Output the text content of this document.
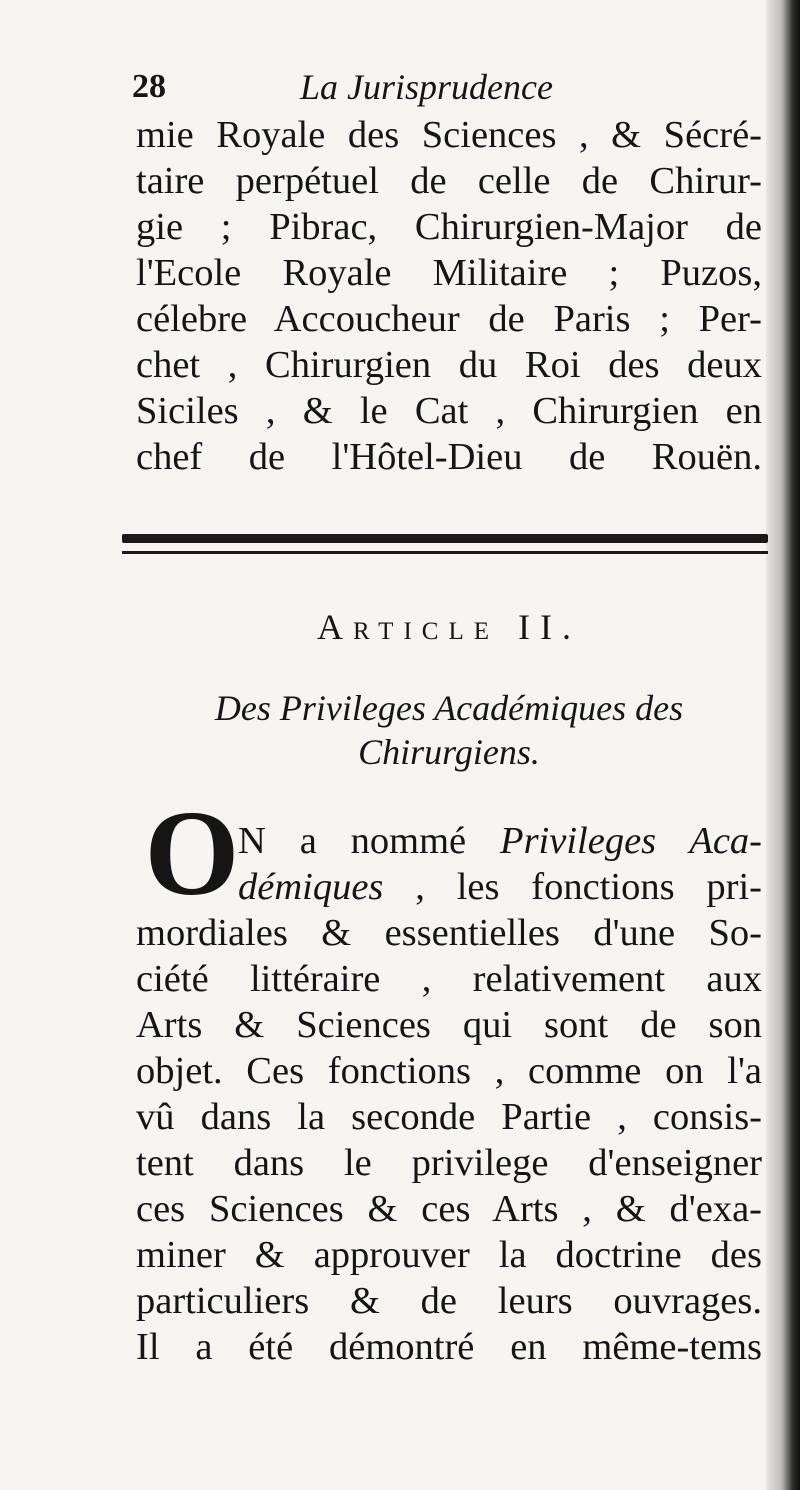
28	La Jurisprudence
mie Royale des Sciences , & Sécré-
taire perpétuel de celle de Chirur-
gie ; Pibrac, Chirurgien-Major de
l'Ecole Royale Militaire ; Puzos,
célebre Accoucheur de Paris ; Per-
chet , Chirurgien du Roi des deux
Siciles , & le Cat , Chirurgien en
chef de l'Hôtel-Dieu de Rouën.
Article II.
Des Privileges Académiques des
Chirurgiens.
O
N a nommé Privileges Aca-
démiques , les fonctions pri-
mordiales & essentielles d'une So-
ciété littéraire , relativement aux
Arts & Sciences qui sont de son
objet. Ces fonctions , comme on l'a
vû dans la seconde Partie , consis-
tent dans le privilege d'enseigner
ces Sciences & ces Arts , & d'exa-
miner & approuver la doctrine des
particuliers & de leurs ouvrages.
Il a été démontré en même-tems
